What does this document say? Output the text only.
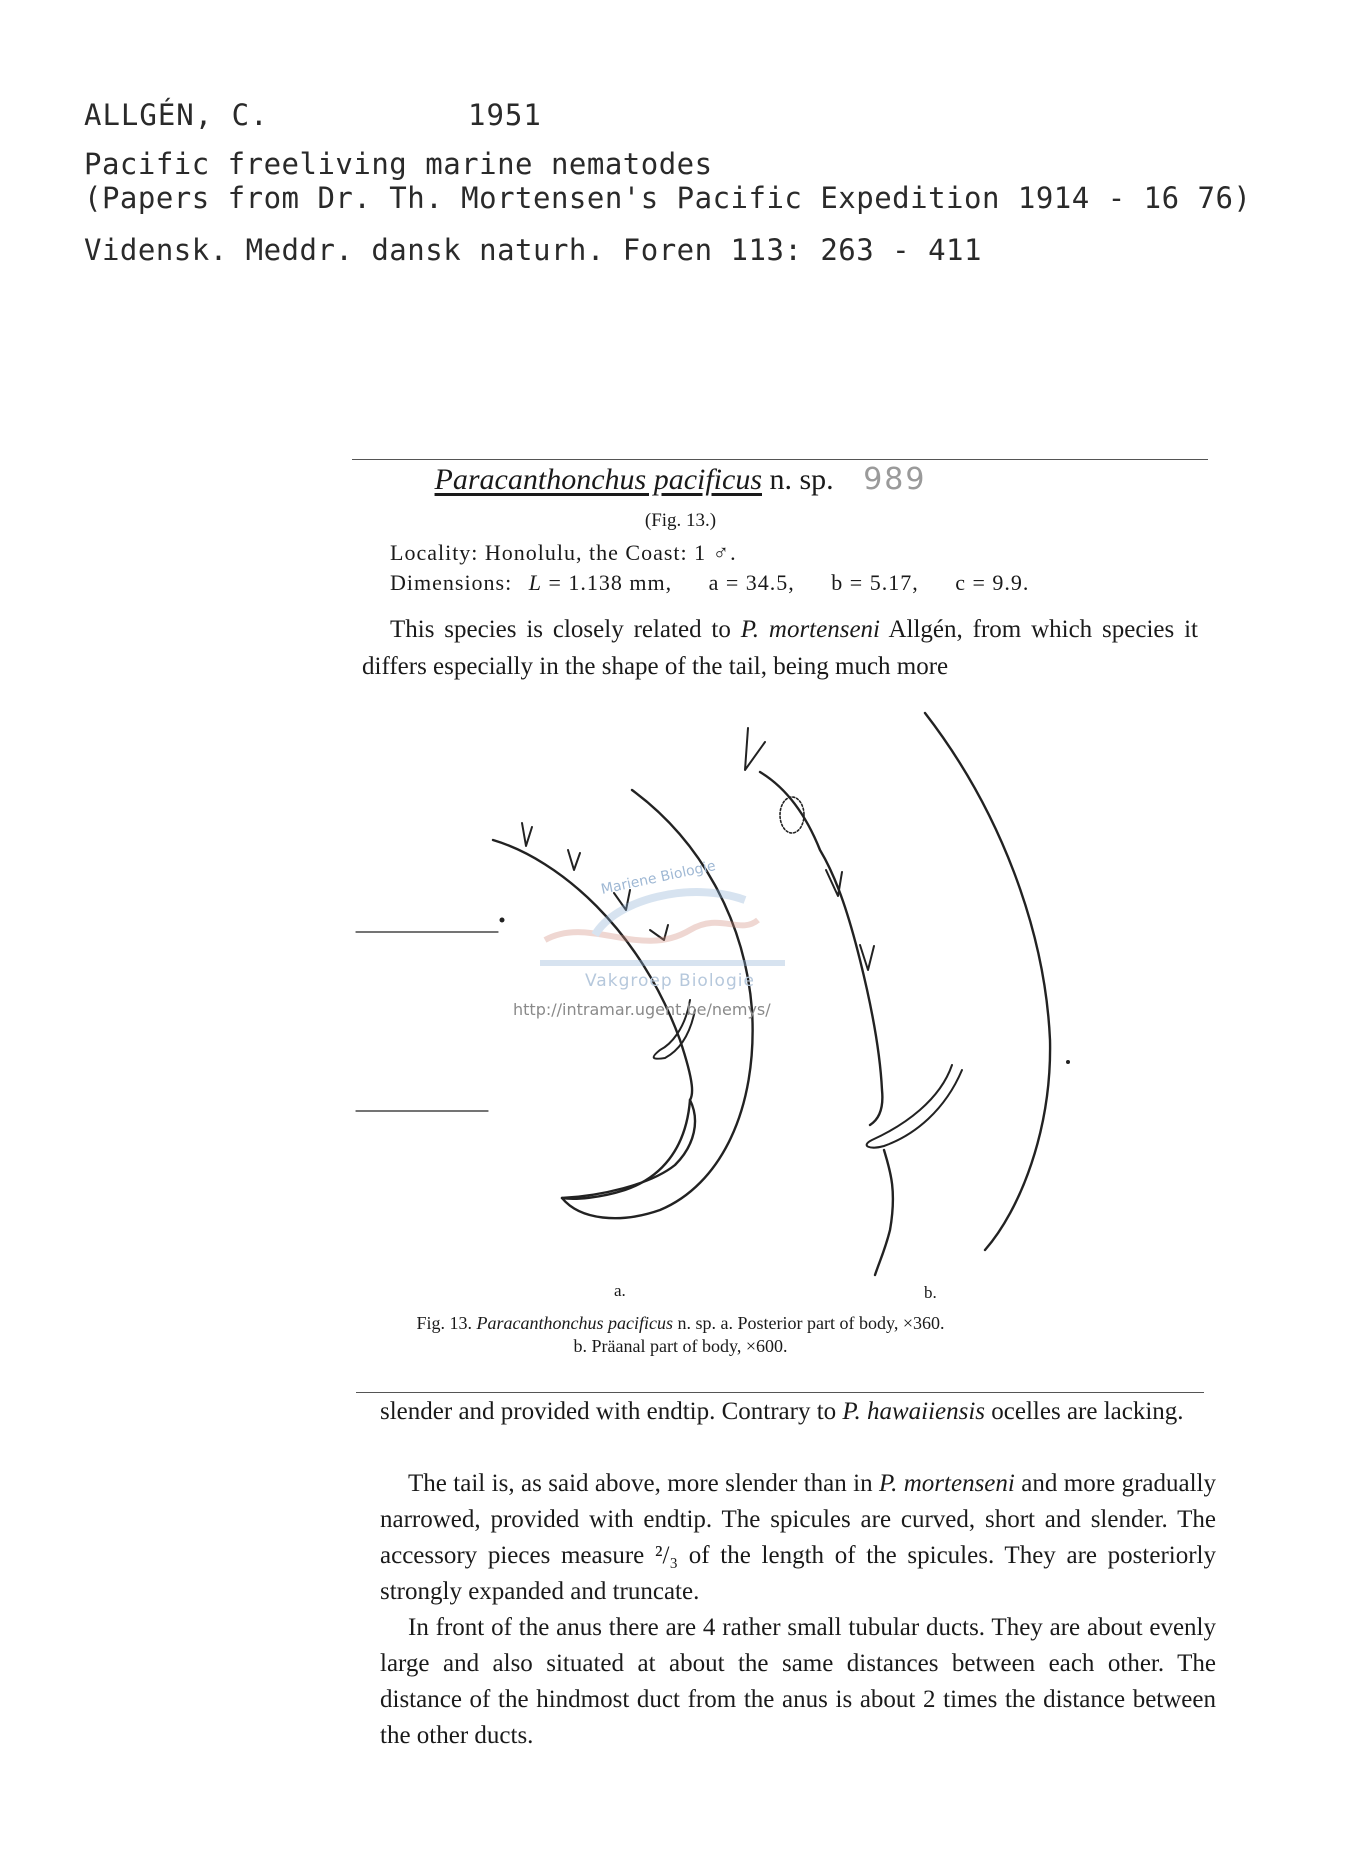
ALLGÉN, C.	1951
Pacific freeliving marine nematodes
(Papers from Dr. Th. Mortensen's Pacific Expedition 1914 - 16 76)
Vidensk. Meddr. dansk naturh. Foren 113: 263 - 411
Paracanthonchus pacificus n. sp. 989
(Fig. 13.)
Locality: Honolulu, the Coast: 1 ♂.
Dimensions: L = 1.138 mm, a = 34.5, b = 5.17, c = 9.9.
This species is closely related to P. mortenseni Allgén, from which species it differs especially in the shape of the tail, being much more
Mariene Biologie
Vakgroep Biologie
http://intramar.ugent.be/nemys/
a.	b.
Fig. 13. Paracanthonchus pacificus n. sp. a. Posterior part of body, ×360.
b. Präanal part of body, ×600.
slender and provided with endtip. Contrary to P. hawaiiensis ocelles are lacking.
The tail is, as said above, more slender than in P. mortenseni and more gradually narrowed, provided with endtip. The spicules are curved, short and slender. The accessory pieces measure ²/₃ of the length of the spicules. They are posteriorly strongly expanded and truncate.
In front of the anus there are 4 rather small tubular ducts. They are about evenly large and also situated at about the same distances between each other. The distance of the hindmost duct from the anus is about 2 times the distance between the other ducts.
